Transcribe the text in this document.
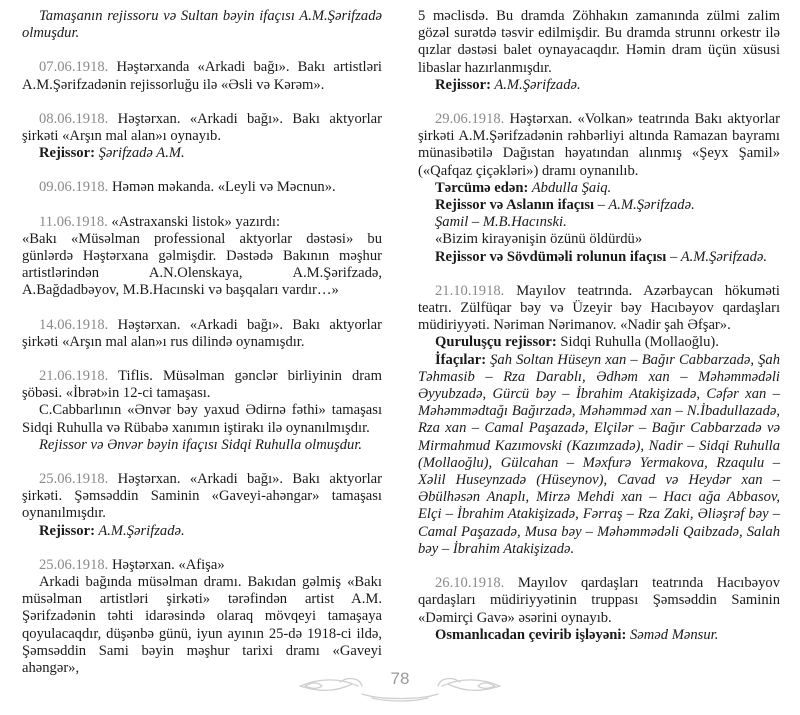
Tamaşanın rejissoru və Sultan bəyin ifaçısı A.M.Şərifzadə olmuşdur.

07.06.1918. Həştərxanda «Arkadi bağı». Bakı artistləri A.M.Şərifzadənin rejissorluğu ilə «Əsli və Kərəm».

08.06.1918. Həştərxan. «Arkadi bağı». Bakı aktyorlar şirkəti «Arşın mal alan»ı oynayıb.

Rejissor: Şərifzadə A.M.

09.06.1918. Həmən məkanda. «Leyli və Məcnun».

11.06.1918. «Astraxanski listok» yazırdı:

«Bakı «Müsəlman professional aktyorlar dəstəsi» bu günlərdə Həştərxana gəlmişdir. Dəstədə Bakının məşhur artistlərindən A.N.Olenskaya, A.M.Şərifzadə, A.Bağdadbəyov, M.B.Hacınski və başqaları vardır…»

14.06.1918. Həştərxan. «Arkadi bağı». Bakı aktyorlar şirkəti «Arşın mal alan»ı rus dilində oynamışdır.

21.06.1918. Tiflis. Müsəlman gənclər birliyinin dram şöbəsi. «İbrət»in 12-ci tamaşası.

C.Cabbarlının «Ənvər bəy yaxud Ədirnə fəthi» tamaşası Sidqi Ruhulla və Rübabə xanımın iştirakı ilə oynanılmışdır.

Rejissor və Ənvər bəyin ifaçısı Sidqi Ruhulla olmuşdur.

25.06.1918. Həştərxan. «Arkadi bağı». Bakı aktyorlar şirkəti. Şəmsəddin Saminin «Gaveyi-ahəngar» tamaşası oynanılmışdır.

Rejissor: A.M.Şərifzadə.

25.06.1918. Həştərxan. «Afişa»

Arkadi bağında müsəlman dramı. Bakıdan gəlmiş «Bakı müsəlman artistləri şirkəti» tərəfindən artist A.M. Şərifzadənin təhti idarəsində olaraq mövqeyi tamaşaya qoyulacaqdır, düşənbə günü, iyun ayının 25-də 1918-ci ildə, Şəmsəddin Sami bəyin məşhur tarixi dramı «Gaveyi ahəngər»,

5 məclisdə. Bu dramda Zöhhakın zamanında zülmi zalim gözəl surətdə təsvir edilmişdir. Bu dramda strunnı orkestr ilə qızlar dəstəsi balet oynayacaqdır. Həmin dram üçün xüsusi libaslar hazırlanmışdır.

Rejissor: A.M.Şərifzadə.

29.06.1918. Həştərxan. «Volkan» teatrında Bakı aktyorlar şirkəti A.M.Şərifzadənin rəhbərliyi altında Ramazan bayramı münasibətilə Dağıstan həyatından alınmış «Şeyx Şamil» («Qafqaz çiçəkləri») dramı oynanılıb.

Tərcümə edən: Abdulla Şaiq.

Rejissor və Aslanın ifaçısı – A.M.Şərifzadə.

Şamil – M.B.Hacınski.

«Bizim kirayənişin özünü öldürdü»

Rejissor və Sövdüməli rolunun ifaçısı – A.M.Şərifzadə.

21.10.1918. Mayılov teatrında. Azərbaycan hökuməti teatrı. Zülfüqar bəy və Üzeyir bəy Hacıbəyov qardaşları müdiriyyəti. Nəriman Nərimanov. «Nadir şah Əfşar».

Quruluşçu rejissor: Sidqi Ruhulla (Mollaoğlu).

İfaçılar: Şah Soltan Hüseyn xan – Bağır Cabbarzadə, Şah Təhmasib – Rza Darablı, Ədhəm xan – Məhəmmədəli Əyyubzadə, Gürcü bəy – İbrahim Atakişizadə, Cəfər xan – Məhəmmədtağı Bağırzadə, Məhəmməd xan – N.İbadullazadə, Rza xan – Camal Paşazadə, Elçilər – Bağır Cabbarzadə və Mirmahmud Kazımovski (Kazımzadə), Nadir – Sidqi Ruhulla (Mollaoğlu), Gülcahan – Məxfurə Yermakova, Rzaqulu – Xəlil Huseynzadə (Hüseynov), Cavad və Heydər xan – Əbülhəsən Anaplı, Mirzə Mehdi xan – Hacı ağa Abbasov, Elçi – İbrahim Atakişizadə, Fərraş – Rza Zaki, Əliəşrəf bəy – Camal Paşazadə, Musa bəy – Məhəmmədəli Qaibzadə, Salah bəy – İbrahim Atakişizadə.

26.10.1918. Mayılov qardaşları teatrında Hacıbəyov qardaşları müdiriyyətinin truppası Şəmsəddin Saminin «Dəmirçi Gavə» əsərini oynayıb.

Osmanlıcadan çevirib işləyəni: Səməd Mənsur.

78
